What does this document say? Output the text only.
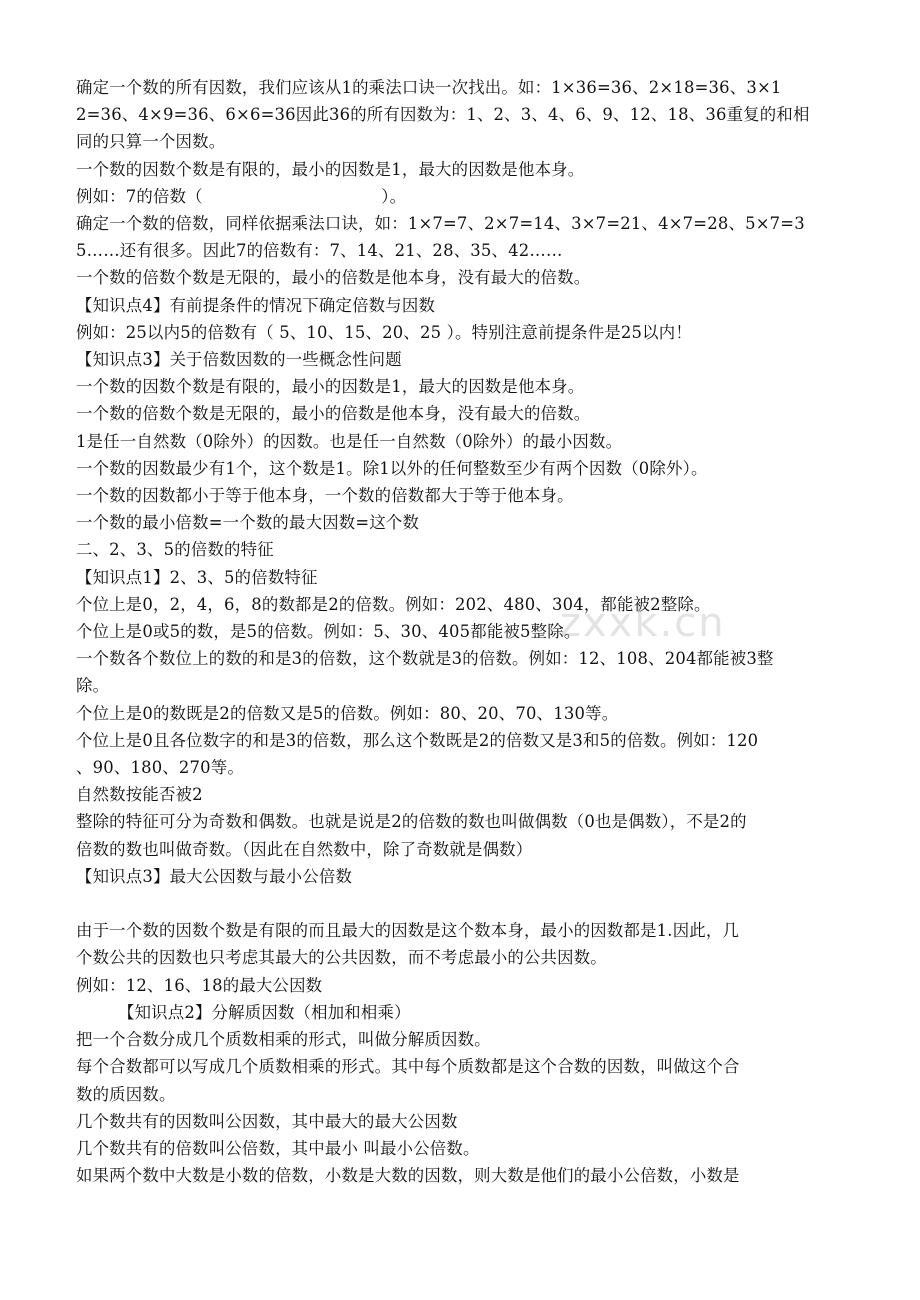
zxxk.cn
确定一个数的所有因数，我们应该从1的乘法口诀一次找出。如：1×36=36、2×18=36、3×1
2=36、4×9=36、6×6=36因此36的所有因数为：1、2、3、4、6、9、12、18、36重复的和相
同的只算一个因数。
一个数的因数个数是有限的，最小的因数是1，最大的因数是他本身。
例如：7的倍数（                                 ）。
确定一个数的倍数，同样依据乘法口诀，如：1×7=7、2×7=14、3×7=21、4×7=28、5×7=3
5……还有很多。因此7的倍数有：7、14、21、28、35、42……
一个数的倍数个数是无限的，最小的倍数是他本身，没有最大的倍数。
【知识点4】有前提条件的情况下确定倍数与因数
例如：25以内5的倍数有（ 5、10、15、20、25 ）。特别注意前提条件是25以内！
【知识点3】关于倍数因数的一些概念性问题
一个数的因数个数是有限的，最小的因数是1，最大的因数是他本身。
一个数的倍数个数是无限的，最小的倍数是他本身，没有最大的倍数。
1是任一自然数（0除外）的因数。也是任一自然数（0除外）的最小因数。
一个数的因数最少有1个，这个数是1。除1以外的任何整数至少有两个因数（0除外）。
一个数的因数都小于等于他本身，一个数的倍数都大于等于他本身。
一个数的最小倍数=一个数的最大因数=这个数
二、2、3、5的倍数的特征
【知识点1】2、3、5的倍数特征
个位上是0，2，4，6，8的数都是2的倍数。例如：202、480、304，都能被2整除。
个位上是0或5的数，是5的倍数。例如：5、30、405都能被5整除。
一个数各个数位上的数的和是3的倍数，这个数就是3的倍数。例如：12、108、204都能被3整
除。
个位上是0的数既是2的倍数又是5的倍数。例如：80、20、70、130等。
个位上是0且各位数字的和是3的倍数，那么这个数既是2的倍数又是3和5的倍数。例如：120
、90、180、270等。
自然数按能否被2
整除的特征可分为奇数和偶数。也就是说是2的倍数的数也叫做偶数（0也是偶数），不是2的
倍数的数也叫做奇数。（因此在自然数中，除了奇数就是偶数）
【知识点3】最大公因数与最小公倍数
由于一个数的因数个数是有限的而且最大的因数是这个数本身，最小的因数都是1.因此，几
个数公共的因数也只考虑其最大的公共因数，而不考虑最小的公共因数。
例如：12、16、18的最大公因数
【知识点2】分解质因数（相加和相乘）
把一个合数分成几个质数相乘的形式，叫做分解质因数。
每个合数都可以写成几个质数相乘的形式。其中每个质数都是这个合数的因数，叫做这个合
数的质因数。
几个数共有的因数叫公因数，其中最大的最大公因数
几个数共有的倍数叫公倍数，其中最小 叫最小公倍数。
如果两个数中大数是小数的倍数，小数是大数的因数，则大数是他们的最小公倍数，小数是
